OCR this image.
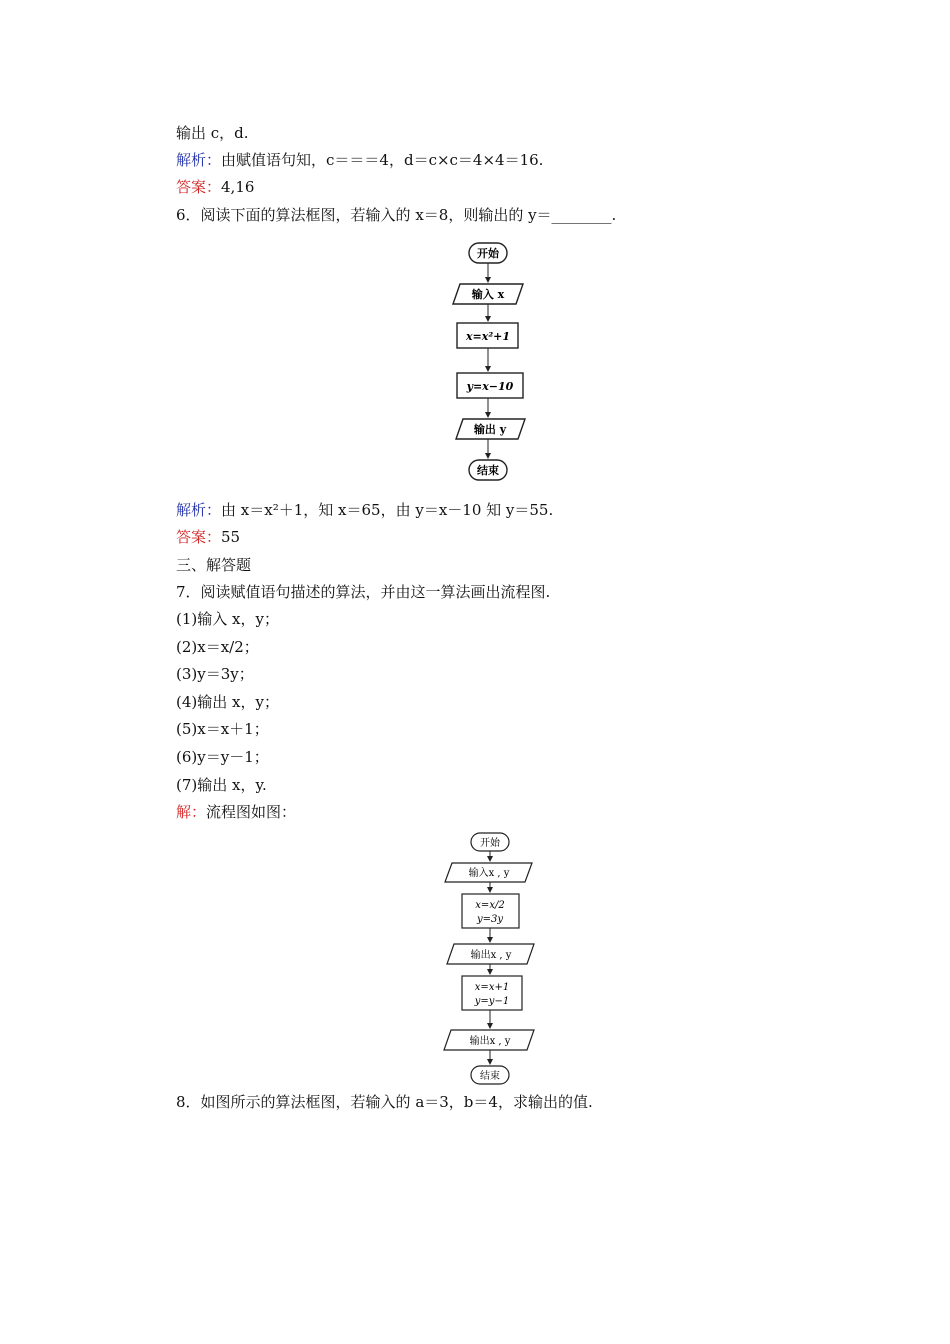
输出 c，d.
解析：由赋值语句知，c＝＝＝4，d＝c×c＝4×4＝16.
答案：4,16
6．阅读下面的算法框图，若输入的 x＝8，则输出的 y＝________.
开始
输入 x
x=x²+1
y=x−10
输出 y
结束
解析：由 x＝x²＋1，知 x＝65，由 y＝x－10 知 y＝55.
答案：55
三、解答题
7．阅读赋值语句描述的算法，并由这一算法画出流程图.
(1)输入 x，y；
(2)x＝x/2；
(3)y＝3y；
(4)输出 x，y；
(5)x＝x＋1；
(6)y＝y－1；
(7)输出 x，y.
解：流程图如图：
开始
输入x , y
x=x/2
y=3y
输出x , y
x=x+1
y=y−1
输出x , y
结束
8．如图所示的算法框图，若输入的 a＝3，b＝4，求输出的值.
